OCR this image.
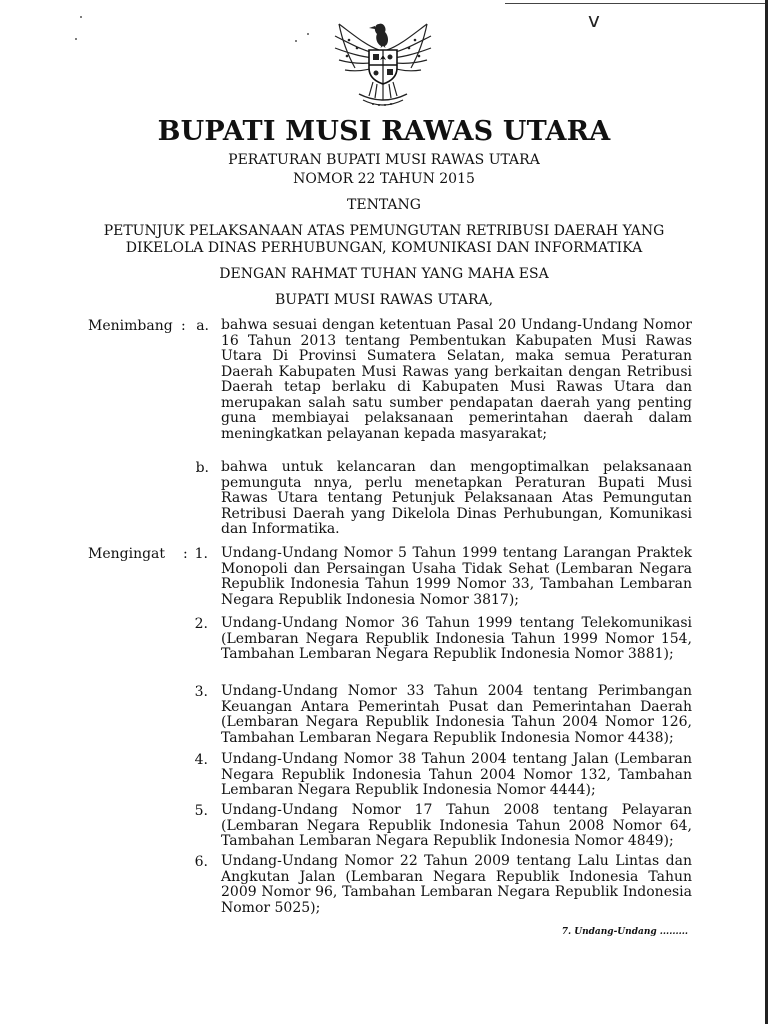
v
BUPATI MUSI RAWAS UTARA
PERATURAN BUPATI MUSI RAWAS UTARA
NOMOR 22 TAHUN 2015
TENTANG
PETUNJUK PELAKSANAAN ATAS PEMUNGUTAN RETRIBUSI DAERAH YANG
DIKELOLA DINAS PERHUBUNGAN, KOMUNIKASI DAN INFORMATIKA
DENGAN RAHMAT TUHAN YANG MAHA ESA
BUPATI MUSI RAWAS UTARA,
Menimbang : a. bahwa sesuai dengan ketentuan Pasal 20 Undang-Undang Nomor 16 Tahun 2013 tentang Pembentukan Kabupaten Musi Rawas Utara Di Provinsi Sumatera Selatan, maka semua Peraturan Daerah Kabupaten Musi Rawas yang berkaitan dengan Retribusi Daerah tetap berlaku di Kabupaten Musi Rawas Utara dan merupakan salah satu sumber pendapatan daerah yang penting guna membiayai pelaksanaan pemerintahan daerah dalam meningkatkan pelayanan kepada masyarakat;
b. bahwa untuk kelancaran dan mengoptimalkan pelaksanaan pemunguta nnya, perlu menetapkan Peraturan Bupati Musi Rawas Utara tentang Petunjuk Pelaksanaan Atas Pemungutan Retribusi Daerah yang Dikelola Dinas Perhubungan, Komunikasi dan Informatika.
Mengingat : 1. Undang-Undang Nomor 5 Tahun 1999 tentang Larangan Praktek Monopoli dan Persaingan Usaha Tidak Sehat (Lembaran Negara Republik Indonesia Tahun 1999 Nomor 33, Tambahan Lembaran Negara Republik Indonesia Nomor 3817);
2. Undang-Undang Nomor 36 Tahun 1999 tentang Telekomunikasi (Lembaran Negara Republik Indonesia Tahun 1999 Nomor 154, Tambahan Lembaran Negara Republik Indonesia Nomor 3881);
3. Undang-Undang Nomor 33 Tahun 2004 tentang Perimbangan Keuangan Antara Pemerintah Pusat dan Pemerintahan Daerah (Lembaran Negara Republik Indonesia Tahun 2004 Nomor 126, Tambahan Lembaran Negara Republik Indonesia Nomor 4438);
4. Undang-Undang Nomor 38 Tahun 2004 tentang Jalan (Lembaran Negara Republik Indonesia Tahun 2004 Nomor 132, Tambahan Lembaran Negara Republik Indonesia Nomor 4444);
5. Undang-Undang Nomor 17 Tahun 2008 tentang Pelayaran (Lembaran Negara Republik Indonesia Tahun 2008 Nomor 64, Tambahan Lembaran Negara Republik Indonesia Nomor 4849);
6. Undang-Undang Nomor 22 Tahun 2009 tentang Lalu Lintas dan Angkutan Jalan (Lembaran Negara Republik Indonesia Tahun 2009 Nomor 96, Tambahan Lembaran Negara Republik Indonesia Nomor 5025);
7. Undang-Undang .........
